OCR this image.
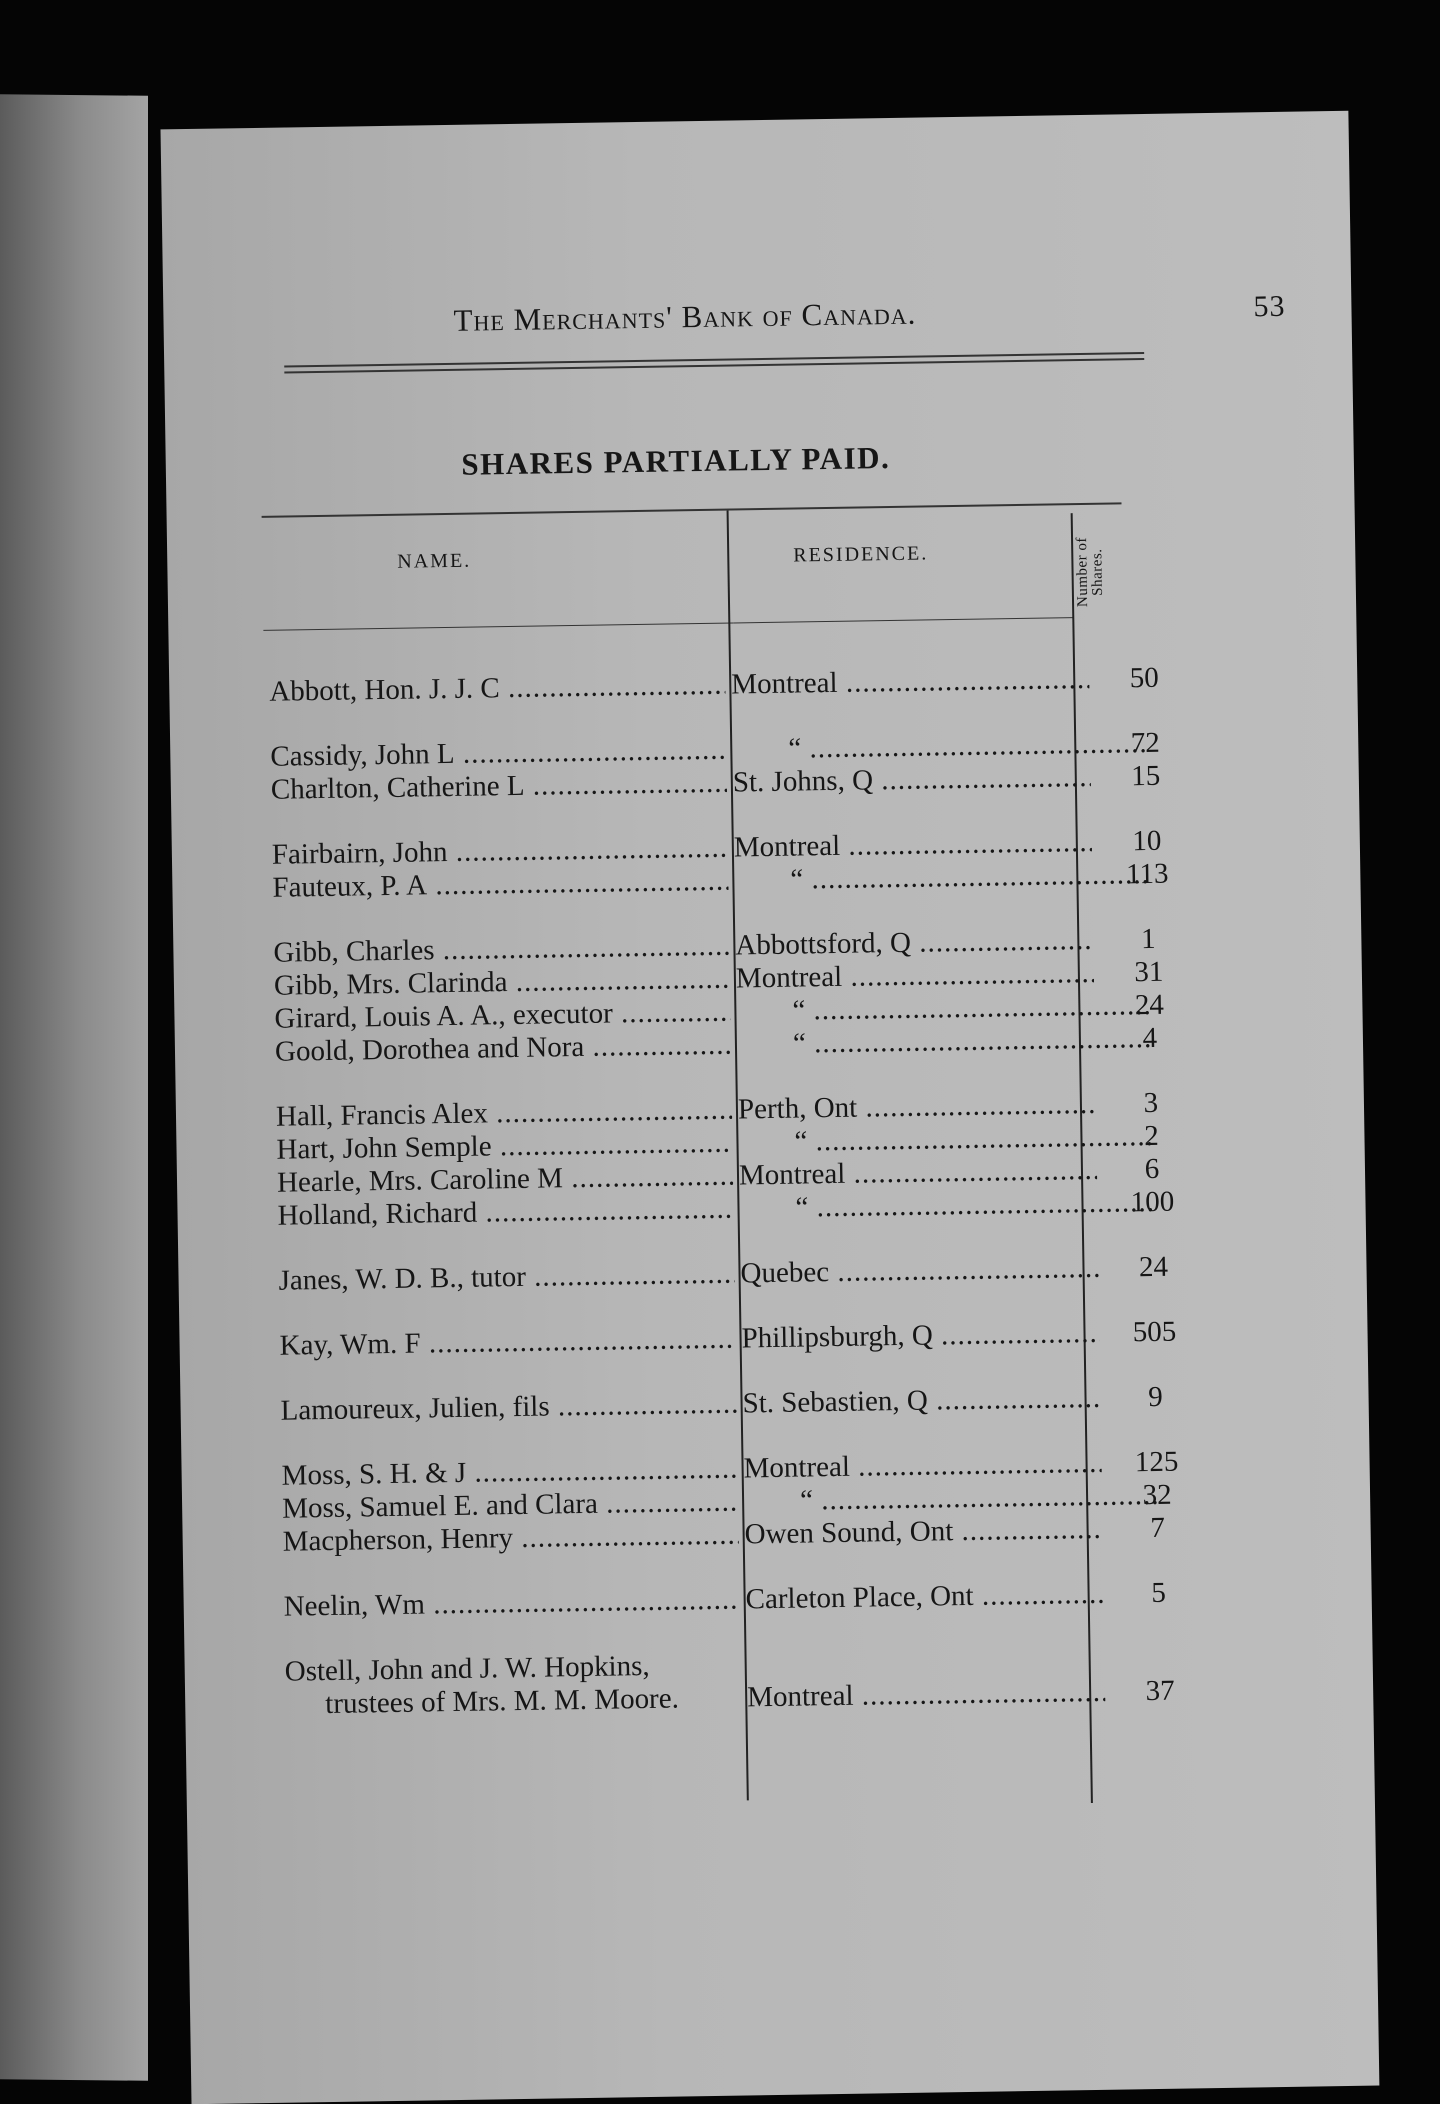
The Merchants' Bank of Canada.	53
SHARES PARTIALLY PAID.
NAME.	RESIDENCE.	Number of Shares.
Abbott, Hon. J. J. C .....	Montreal .....	50
Cassidy, John L .....	“ .....	72
Charlton, Catherine L .....	St. Johns, Q .....	15
Fairbairn, John .....	Montreal .....	10
Fauteux, P. A .....	“ .....	113
Gibb, Charles .....	Abbottsford, Q .....	1
Gibb, Mrs. Clarinda .....	Montreal .....	31
Girard, Louis A. A., executor .....	“ .....	24
Goold, Dorothea and Nora .....	“ .....	4
Hall, Francis Alex .....	Perth, Ont .....	3
Hart, John Semple .....	“ .....	2
Hearle, Mrs. Caroline M .....	Montreal .....	6
Holland, Richard .....	“ .....	100
Janes, W. D. B., tutor .....	Quebec .....	24
Kay, Wm. F .....	Phillipsburgh, Q .....	505
Lamoureux, Julien, fils .....	St. Sebastien, Q .....	9
Moss, S. H. & J .....	Montreal .....	125
Moss, Samuel E. and Clara .....	“ .....	32
Macpherson, Henry .....	Owen Sound, Ont .....	7
Neelin, Wm .....	Carleton Place, Ont .....	5
Ostell, John and J. W. Hopkins,
trustees of Mrs. M. M. Moore.	Montreal .....	37
